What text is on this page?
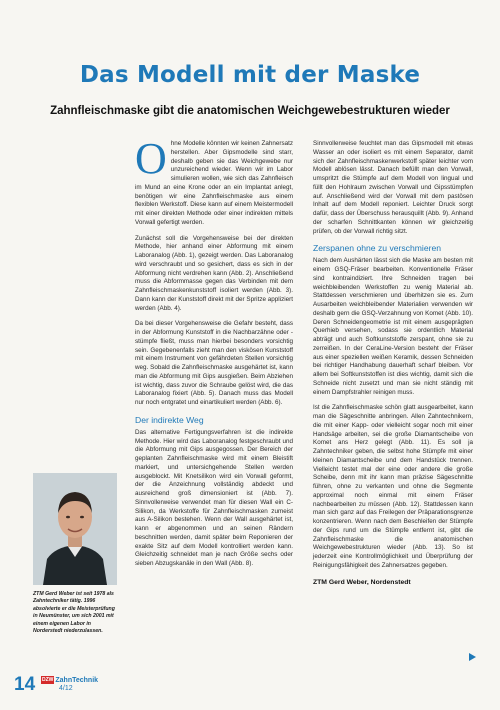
Das Modell mit der Maske
Zahnfleischmaske gibt die anatomischen Weichgewebestrukturen wieder

Ohne Modelle könnten wir keinen Zahnersatz herstellen. Aber Gipsmodelle sind starr, deshalb geben sie das Weichgewebe nur unzureichend wieder. Wenn wir im Labor simulieren wollen, wie sich das Zahnfleisch im Mund an eine Krone oder an ein Implantat anlegt, benötigen wir eine Zahnfleischmaske aus einem flexiblen Werkstoff. Diese kann auf einem Meistermodell mit einer direkten Methode oder einer indirekten mittels Vorwall gefertigt werden.

Zunächst soll die Vorgehensweise bei der direkten Methode, hier anhand einer Abformung mit einem Laboranalog (Abb. 1), gezeigt werden. Das Laboranalog wird verschraubt und so gesichert, dass es sich in der Abformung nicht verdrehen kann (Abb. 2). Anschließend muss die Abformmasse gegen das Verbinden mit dem Zahnfleischmaskenkunststoff isoliert werden (Abb. 3). Dann kann der Kunststoff direkt mit der Spritze appliziert werden (Abb. 4).

Da bei dieser Vorgehensweise die Gefahr besteht, dass in der Abformung Kunststoff in die Nachbarzähne oder -stümpfe fließt, muss man hierbei besonders vorsichtig sein. Gegebenenfalls zieht man den viskösen Kunststoff mit einem Instrument von gefährdeten Stellen vorsichtig weg. Sobald die Zahnfleischmaske ausgehärtet ist, kann man die Abformung mit Gips ausgießen. Beim Abziehen ist wichtig, dass zuvor die Schraube gelöst wird, die das Laboranalog fixiert (Abb. 5). Danach muss das Modell nur noch entgratet und einartikuliert werden (Abb. 6).

Der indirekte Weg

Das alternative Fertigungsverfahren ist die indirekte Methode. Hier wird das Laboranalog festgeschraubt und die Abformung mit Gips ausgegossen. Der Bereich der geplanten Zahnfleischmaske wird mit einem Bleistift markiert, und untersichgehende Stellen werden ausgeblockt. Mit Knetsilikon wird ein Vorwall geformt, der die Anzeichnung vollständig abdeckt und ausreichend groß dimensioniert ist (Abb. 7). Sinnvollerweise verwendet man für diesen Wall ein C-Silikon, da Werkstoffe für Zahnfleischmasken zumeist aus A-Silikon bestehen. Wenn der Wall ausgehärtet ist, kann er abgenommen und an seinen Rändern beschnitten werden, damit später beim Reponieren der exakte Sitz auf dem Modell kontrolliert werden kann. Gleichzeitig schneidet man je nach Größe sechs oder sieben Abzugskanäle in den Wall (Abb. 8).

Sinnvollerweise feuchtet man das Gipsmodell mit etwas Wasser an oder isoliert es mit einem Separator, damit sich der Zahnfleischmaskenwerkstoff später leichter vom Modell ablösen lässt. Danach befüllt man den Vorwall, umspritzt die Stümpfe auf dem Modell von lingual und füllt den Hohlraum zwischen Vorwall und Gipsstümpfen auf. Anschließend wird der Vorwall mit dem pastösen Inhalt auf dem Modell reponiert. Leichter Druck sorgt dafür, dass der Überschuss herausquillt (Abb. 9). Anhand der scharfen Schnittkanten können wir gleichzeitig prüfen, ob der Vorwall richtig sitzt.

Zerspanen ohne zu verschmieren

Nach dem Aushärten lässt sich die Maske am besten mit einem GSQ-Fräser bearbeiten. Konventionelle Fräser sind kontraindiziert. Ihre Schneiden tragen bei weichbleibenden Werkstoffen zu wenig Material ab. Stattdessen verschmieren und überhitzen sie es. Zum Ausarbeiten weichbleibender Materialien verwenden wir deshalb gern die GSQ-Verzahnung von Komet (Abb. 10). Deren Schneidengeometrie ist mit einem ausgeprägten Querhieb versehen, sodass sie ordentlich Material abträgt und auch Softkunststoffe zerspant, ohne sie zu zerreißen. In der CeraLine-Version besteht der Fräser aus einer speziellen weißen Keramik, dessen Schneiden bei richtiger Handhabung dauerhaft scharf bleiben. Vor allem bei Softkunststoffen ist dies wichtig, damit sich die Schneide nicht zusetzt und man sie nicht ständig mit einem Dampfstrahler reinigen muss.

Ist die Zahnfleischmaske schön glatt ausgearbeitet, kann man die Sägeschnitte anbringen. Allen Zahntechnikern, die mit einer Kapp- oder vielleicht sogar noch mit einer Handsäge arbeiten, sei die große Diamantscheibe von Komet ans Herz gelegt (Abb. 11). Es soll ja Zahntechniker geben, die selbst hohe Stümpfe mit einer kleinen Diamantscheibe und dem Handstück trennen. Vielleicht testet mal der eine oder andere die große Scheibe, denn mit ihr kann man präzise Sägeschnitte führen, ohne zu verkanten und ohne die Segmente approximal noch einmal mit einem Fräser nachbearbeiten zu müssen (Abb. 12). Stattdessen kann man sich ganz auf das Freilegen der Präparationsgrenze konzentrieren. Wenn nach dem Beschleifen der Stümpfe der Gips rund um die Stümpfe entfernt ist, gibt die Zahnfleischmaske die anatomischen Weichgewebestrukturen wieder (Abb. 13). So ist jederzeit eine Kontrollmöglichkeit und Überprüfung der Reinigungsfähigkeit des Zahnersatzes gegeben.

ZTM Gerd Weber, Nordenstedt
ZTM Gerd Weber ist seit 1978 als Zahntechniker tätig. 1996 absolvierte er die Meisterprüfung in Neumünster, um sich 2001 mit einem eigenen Labor in Norderstedt niederzulassen.
14 DZW ZahnTechnik
4/12
